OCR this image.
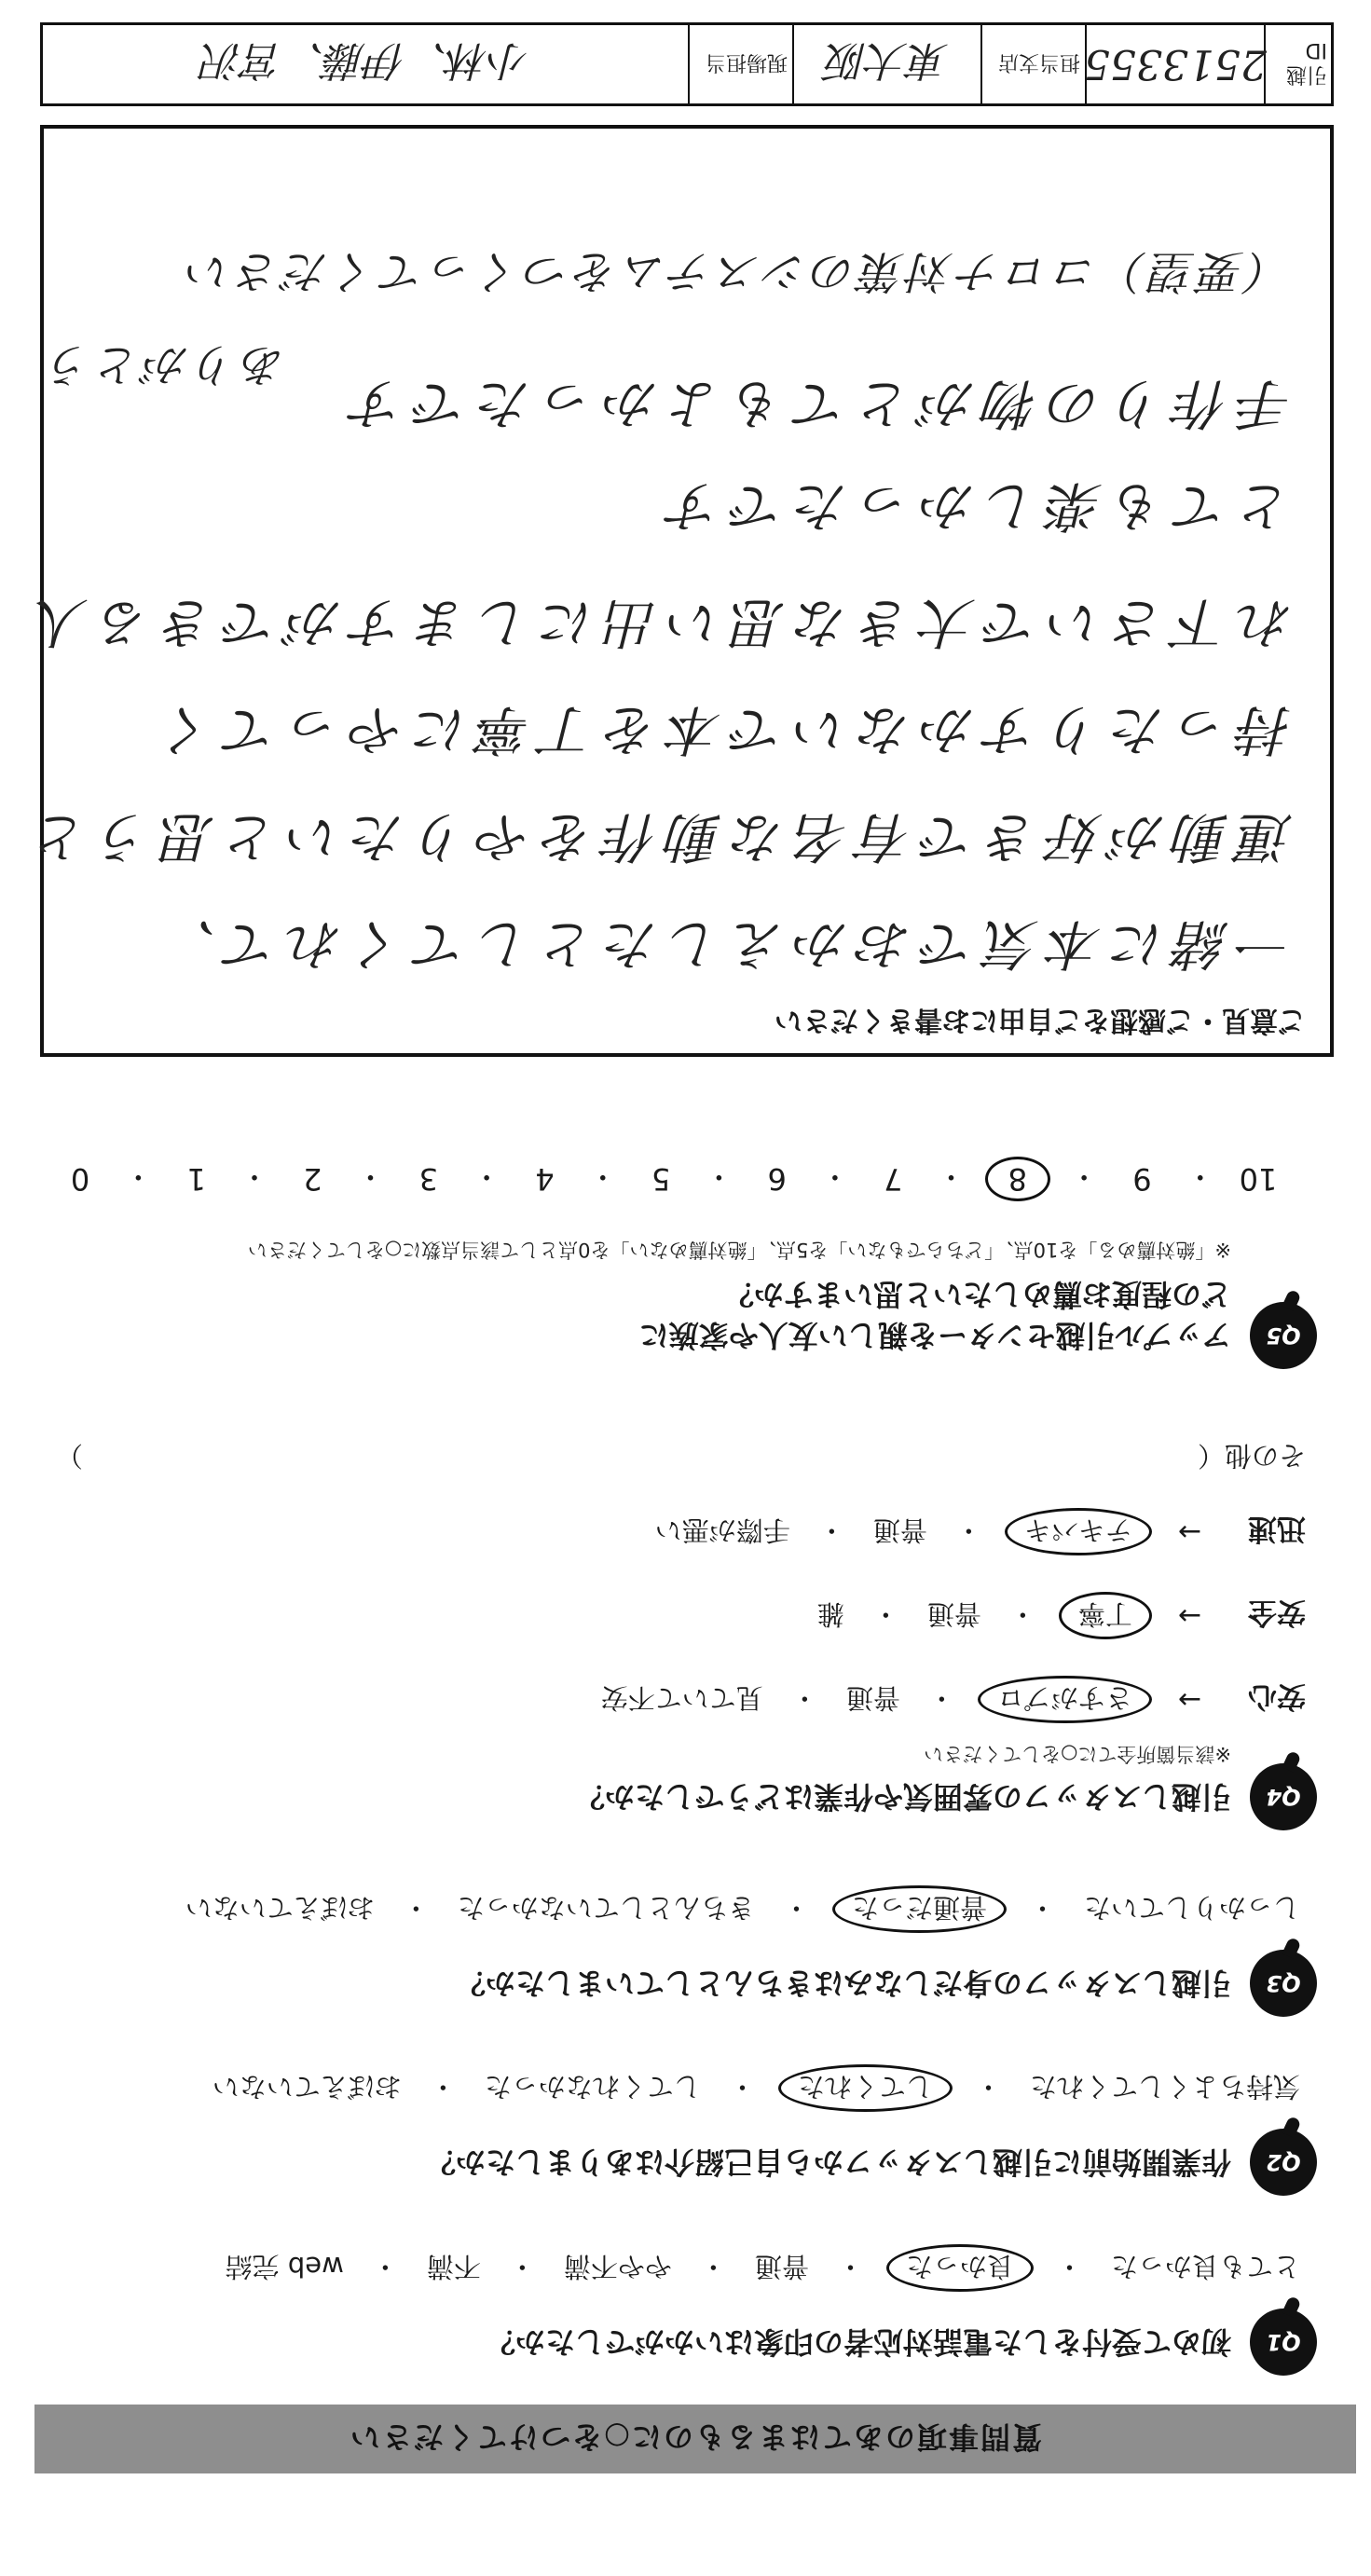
質問事項のあてはまるものに○をつけてください
Q1
初めて受付をした電話対応者の印象はいかがでしたか？
とても良かった
・
良かった
・
普通
・
やや不満
・
不満
・
web 完結
Q2
作業開始前に引越しスタッフから自己紹介はありましたか？
気持ちよくしてくれた
・
してくれた
・
してくれなかった
・
おぼえていない
Q3
引越しスタッフの身だしなみはきちんとしていましたか？
しっかりしていた
・
普通だった
・
きちんとしていなかった
・
おぼえていない
Q4
引越しスタッフの雰囲気や作業はどうでしたか？
※該当箇所全てに○をしてください
安心
→
さすがプロ
・
普通
・
見ていて不安
安全
→
丁寧
・
普通
・
雑
迅速
→
テキパキ
・
普通
・
手際が悪い
その他（
）
Q5
アップル引越センターを親しい友人や家族に
どの程度お薦めしたいと思いますか？
※「絶対薦める」を10点、「どちらでもない」を5点、「絶対薦めない」を0点として該当点数に○をしてください
10
・
9
・
8
・
7
・
6
・
5
・
4
・
3
・
2
・
1
・
0
ご意見・ご感想をご自由にお書きください
一緒に本気でおかえしたとしてくれて、
運動が好きで有名な動作をやりたいと思うと
持ったりすかないで本を丁寧にやってく
れ下さいで大きな思い出にしますができる人
とても楽しかったです
手作りの物がとてもよかったです
（要望）コロナ対策のシステムをつくってください
ありがとう
引越 ID
2513355
担当支店
東大阪
現場担当
小林、伊藤、宮沢
